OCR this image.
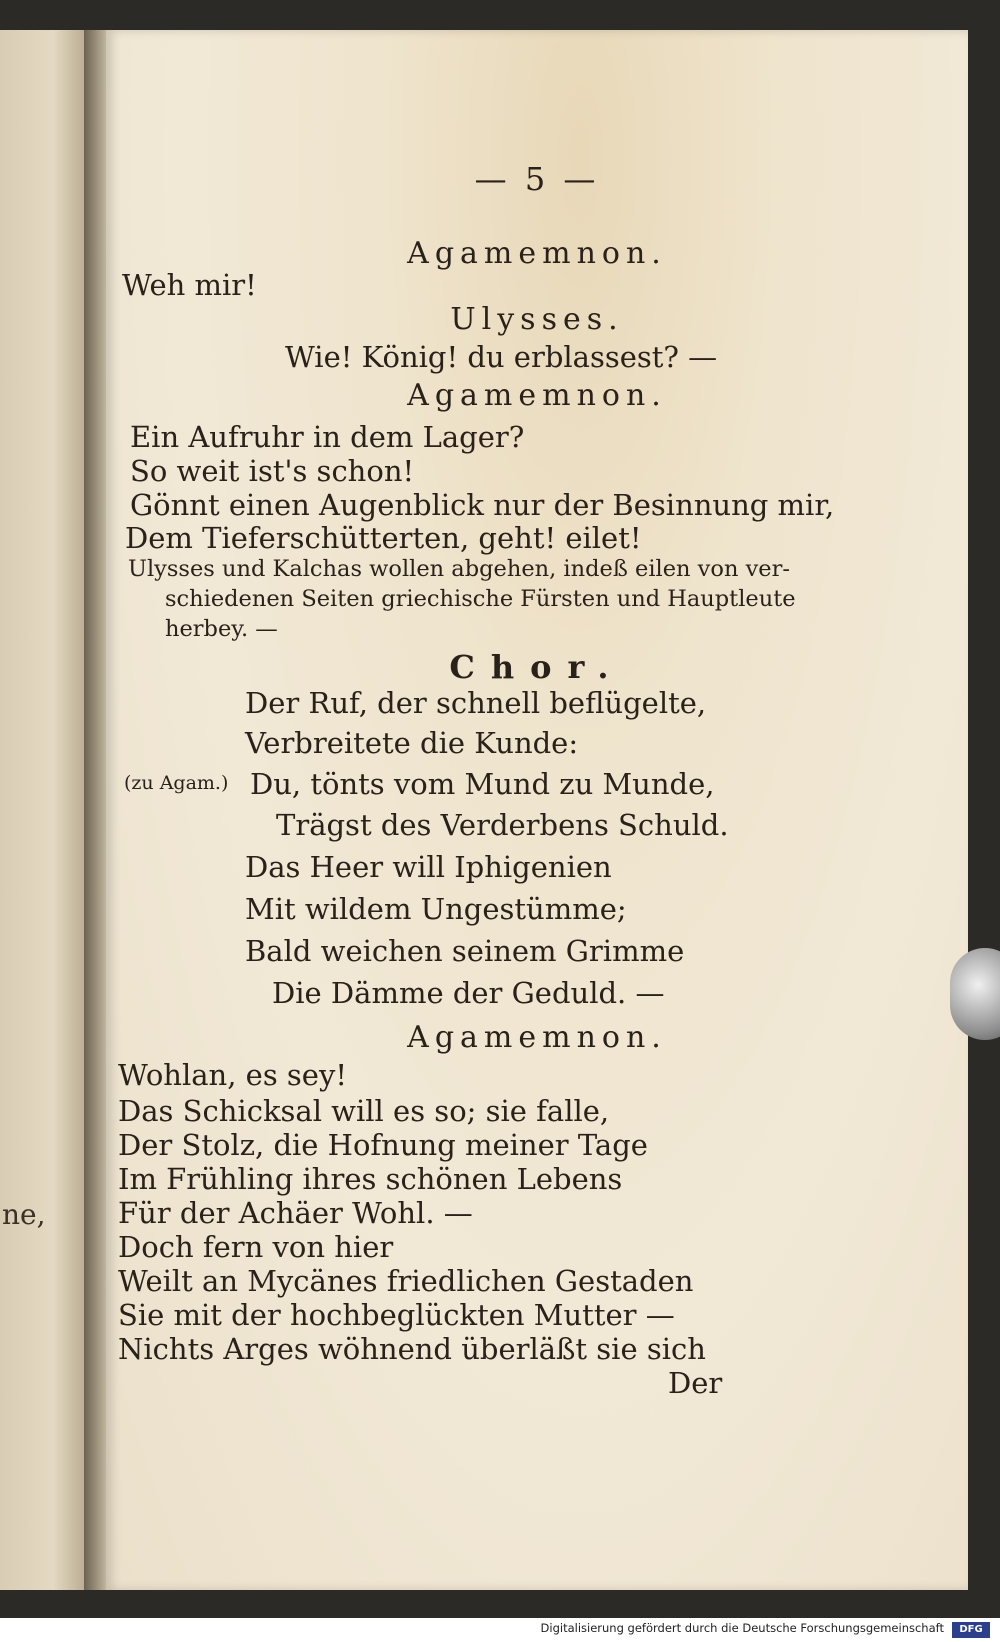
ne,
— 5 —
Agamemnon.
Weh mir!
Ulysses.
Wie! König! du erblassest? —
Agamemnon.
Ein Aufruhr in dem Lager?
So weit ist's schon!
Gönnt einen Augenblick nur der Besinnung mir,
Dem Tieferschütterten, geht! eilet!
Ulysses und Kalchas wollen abgehen, indeß eilen von ver-
schiedenen Seiten griechische Fürsten und Hauptleute
herbey. —
Chor.
Der Ruf, der schnell beflügelte,
Verbreitete die Kunde:
(zu Agam.) Du, tönts vom Mund zu Munde,
Trägst des Verderbens Schuld.
Das Heer will Iphigenien
Mit wildem Ungestümme;
Bald weichen seinem Grimme
Die Dämme der Geduld. —
Agamemnon.
Wohlan, es sey!
Das Schicksal will es so; sie falle,
Der Stolz, die Hofnung meiner Tage
Im Frühling ihres schönen Lebens
Für der Achäer Wohl. —
Doch fern von hier
Weilt an Mycänes friedlichen Gestaden
Sie mit der hochbeglückten Mutter —
Nichts Arges wöhnend überläßt sie sich
Der
Digitalisierung gefördert durch die Deutsche Forschungsgemeinschaft	DFG
